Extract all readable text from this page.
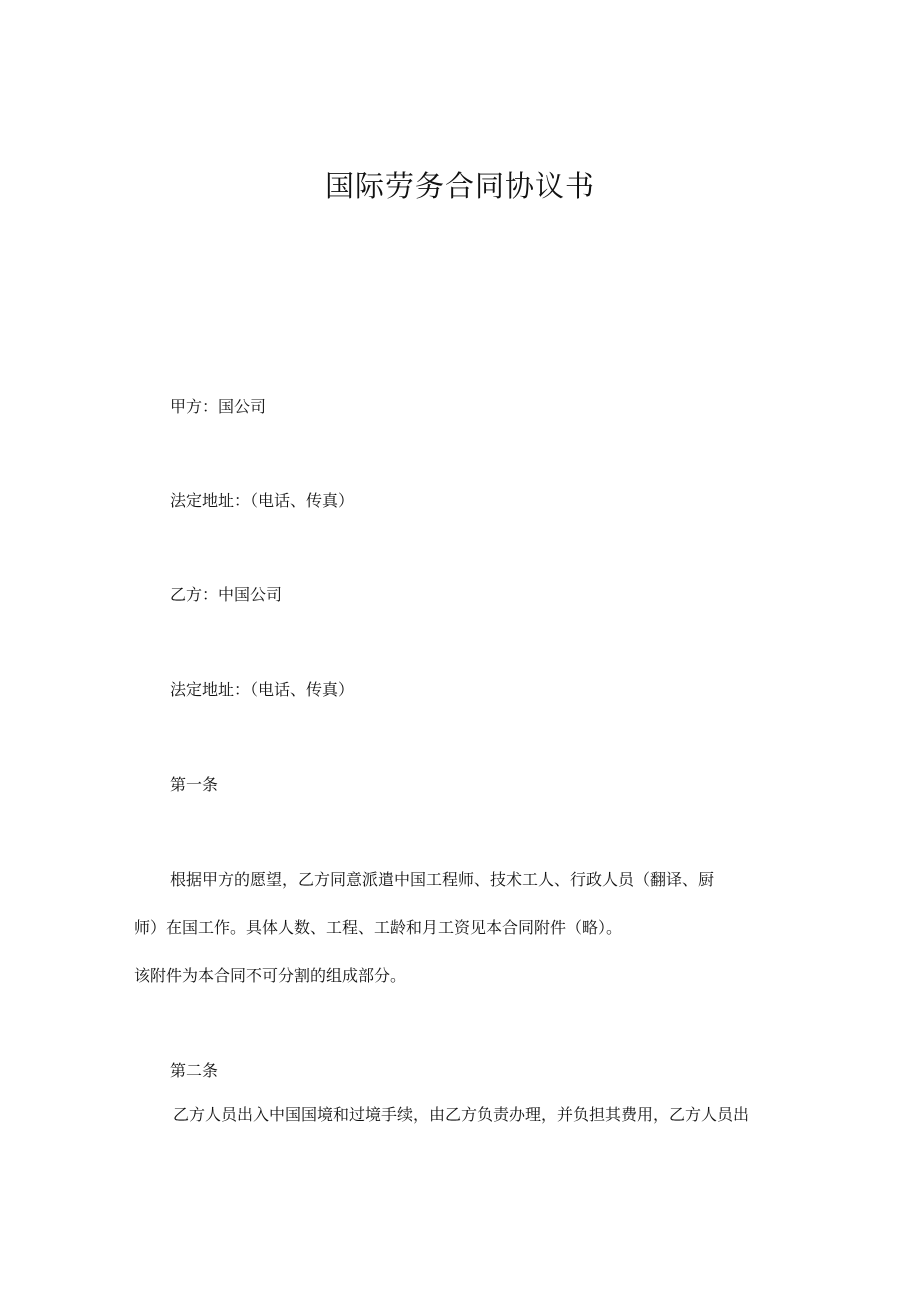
国际劳务合同协议书
甲方：国公司
法定地址：（电话、传真）
乙方：中国公司
法定地址：（电话、传真）
第一条
根据甲方的愿望，乙方同意派遣中国工程师、技术工人、行政人员（翻译、厨
师）在国工作。具体人数、工程、工龄和月工资见本合同附件（略）。
该附件为本合同不可分割的组成部分。
第二条
乙方人员出入中国国境和过境手续，由乙方负责办理，并负担其费用，乙方人员出
